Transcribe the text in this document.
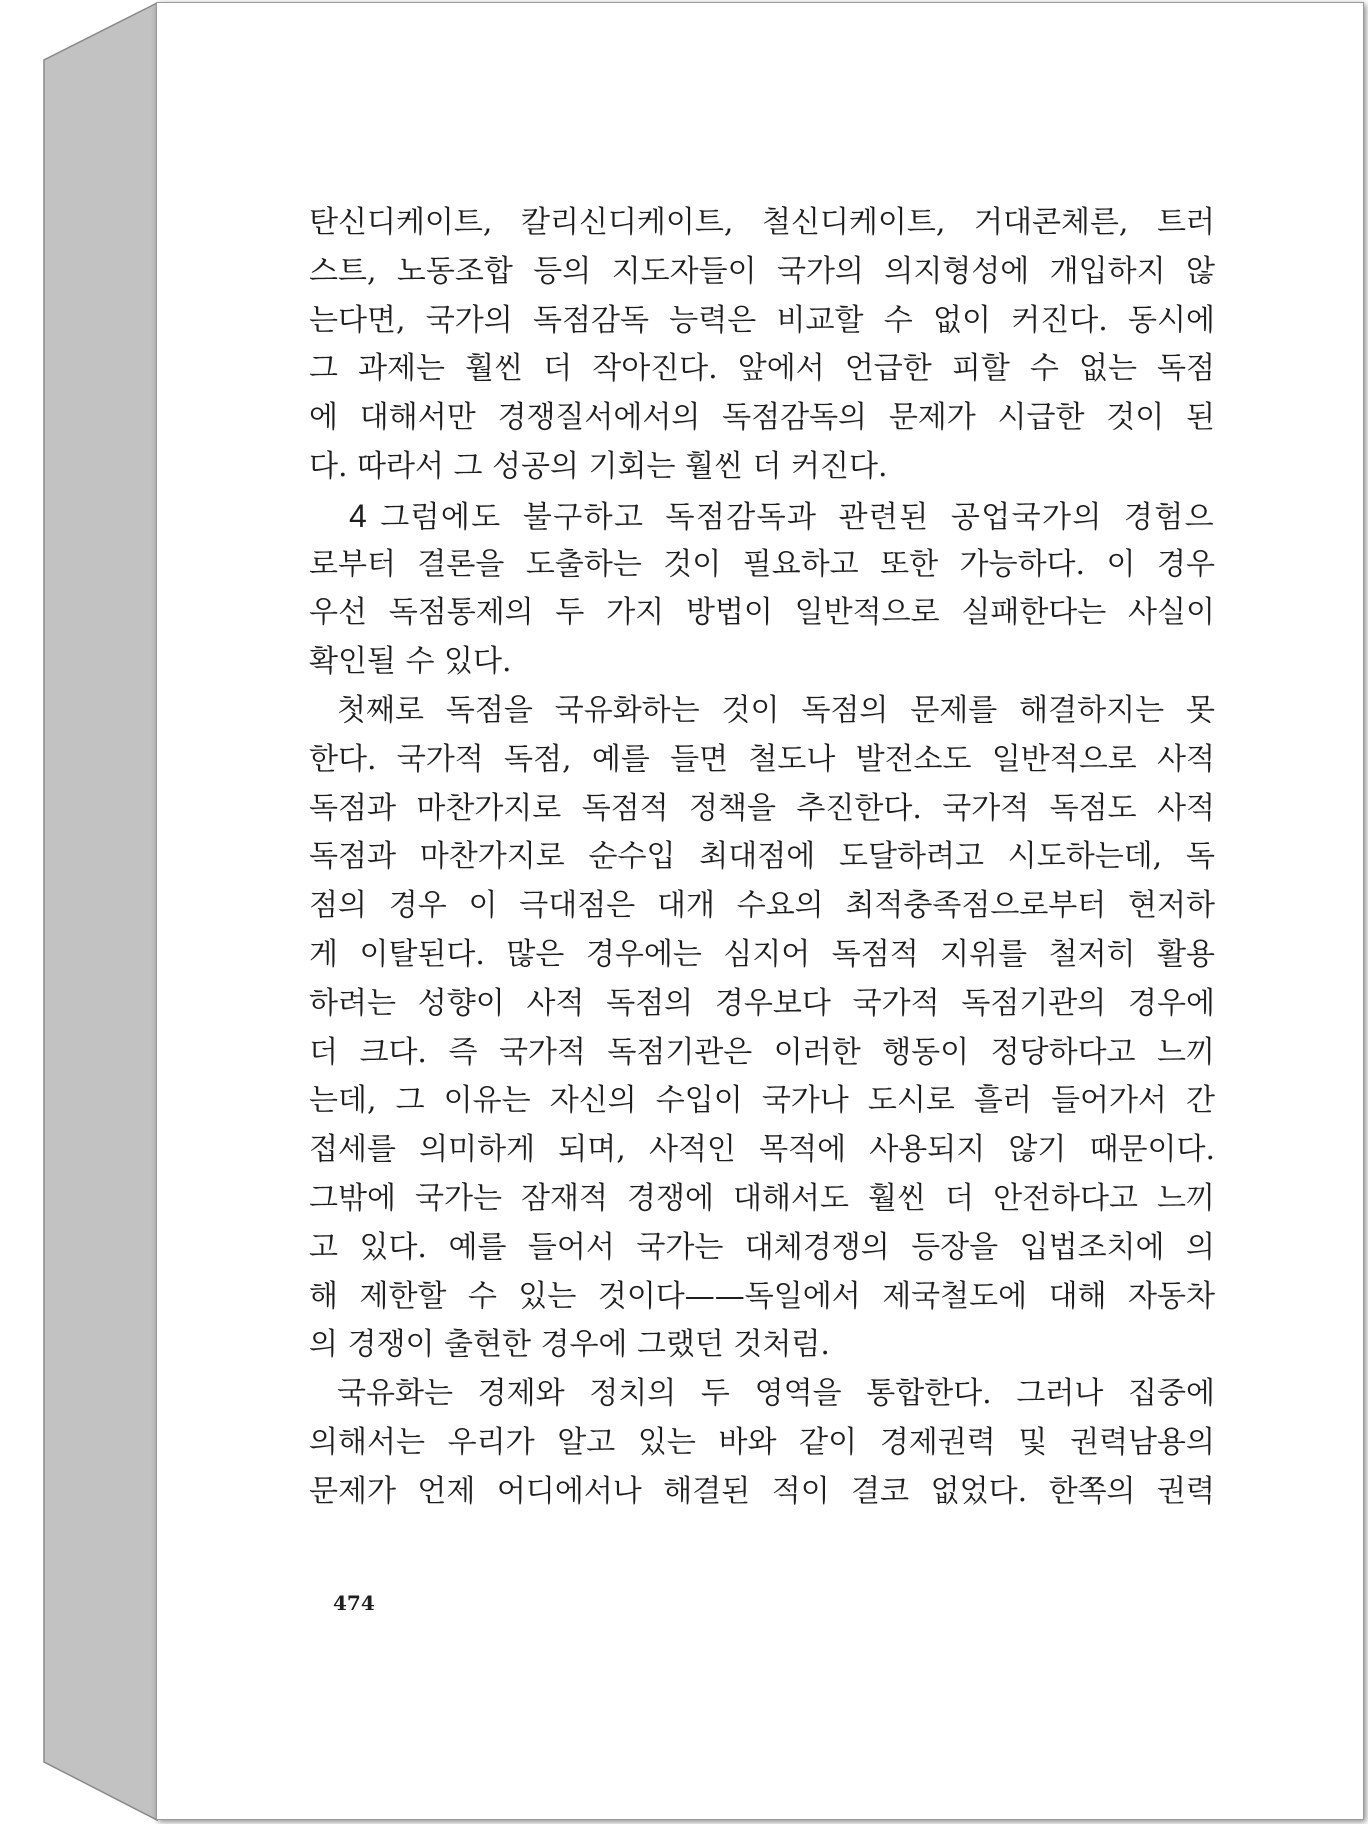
탄신디케이트, 칼리신디케이트, 철신디케이트, 거대콘체른, 트러
스트, 노동조합 등의 지도자들이 국가의 의지형성에 개입하지 않
는다면, 국가의 독점감독 능력은 비교할 수 없이 커진다. 동시에
그 과제는 훨씬 더 작아진다. 앞에서 언급한 피할 수 없는 독점
에 대해서만 경쟁질서에서의 독점감독의 문제가 시급한 것이 된
다. 따라서 그 성공의 기회는 훨씬 더 커진다.
4 그럼에도 불구하고 독점감독과 관련된 공업국가의 경험으
로부터 결론을 도출하는 것이 필요하고 또한 가능하다. 이 경우
우선 독점통제의 두 가지 방법이 일반적으로 실패한다는 사실이
확인될 수 있다.
첫째로 독점을 국유화하는 것이 독점의 문제를 해결하지는 못
한다. 국가적 독점, 예를 들면 철도나 발전소도 일반적으로 사적
독점과 마찬가지로 독점적 정책을 추진한다. 국가적 독점도 사적
독점과 마찬가지로 순수입 최대점에 도달하려고 시도하는데, 독
점의 경우 이 극대점은 대개 수요의 최적충족점으로부터 현저하
게 이탈된다. 많은 경우에는 심지어 독점적 지위를 철저히 활용
하려는 성향이 사적 독점의 경우보다 국가적 독점기관의 경우에
더 크다. 즉 국가적 독점기관은 이러한 행동이 정당하다고 느끼
는데, 그 이유는 자신의 수입이 국가나 도시로 흘러 들어가서 간
접세를 의미하게 되며, 사적인 목적에 사용되지 않기 때문이다.
그밖에 국가는 잠재적 경쟁에 대해서도 훨씬 더 안전하다고 느끼
고 있다. 예를 들어서 국가는 대체경쟁의 등장을 입법조치에 의
해 제한할 수 있는 것이다——독일에서 제국철도에 대해 자동차
의 경쟁이 출현한 경우에 그랬던 것처럼.
국유화는 경제와 정치의 두 영역을 통합한다. 그러나 집중에
의해서는 우리가 알고 있는 바와 같이 경제권력 및 권력남용의
문제가 언제 어디에서나 해결된 적이 결코 없었다. 한쪽의 권력
474
